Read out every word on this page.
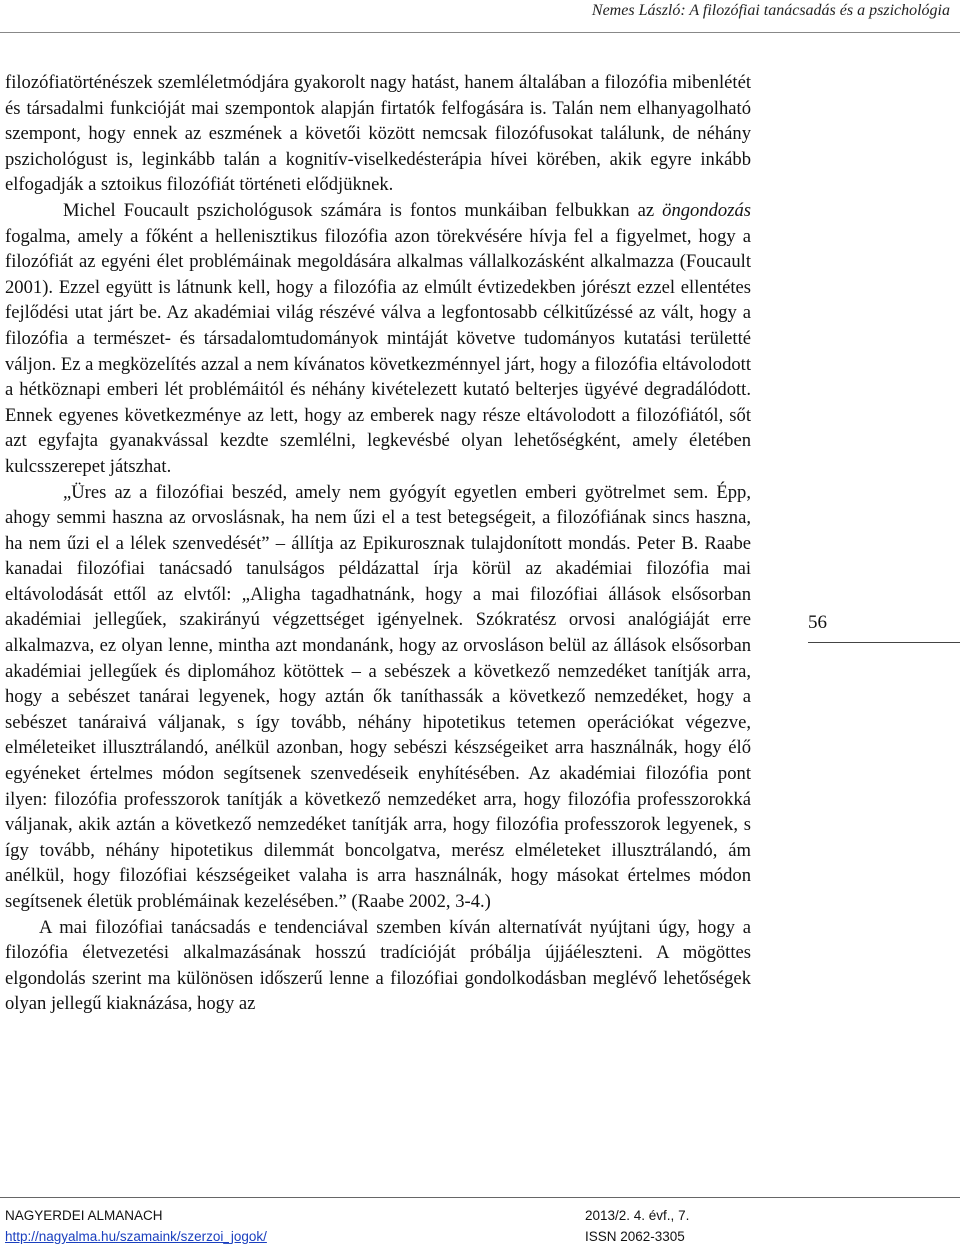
Nemes László: A filozófiai tanácsadás és a pszichológia

filozófiatörténészek szemléletmódjára gyakorolt nagy hatást, hanem általában a filozófia mibenlétét és társadalmi funkcióját mai szempontok alapján firtatók felfogására is. Talán nem elhanyagolható szempont, hogy ennek az eszmének a követői között nemcsak filozófusokat találunk, de néhány pszichológust is, leginkább talán a kognitív-viselkedésterápia hívei körében, akik egyre inkább elfogadják a sztoikus filozófiát történeti elődjüknek.

Michel Foucault pszichológusok számára is fontos munkáiban felbukkan az öngondozás fogalma, amely a főként a hellenisztikus filozófia azon törekvésére hívja fel a figyelmet, hogy a filozófiát az egyéni élet problémáinak megoldására alkalmas vállalkozásként alkalmazza (Foucault 2001). Ezzel együtt is látnunk kell, hogy a filozófia az elmúlt évtizedekben jórészt ezzel ellentétes fejlődési utat járt be. Az akadémiai világ részévé válva a legfontosabb célkitűzéssé az vált, hogy a filozófia a természet- és társadalomtudományok mintáját követve tudományos kutatási területté váljon. Ez a megközelítés azzal a nem kívánatos következménnyel járt, hogy a filozófia eltávolodott a hétköznapi emberi lét problémáitól és néhány kivételezett kutató belterjes ügyévé degradálódott. Ennek egyenes következménye az lett, hogy az emberek nagy része eltávolodott a filozófiától, sőt azt egyfajta gyanakvással kezdte szemlélni, legkevésbé olyan lehetőségként, amely életében kulcsszerepet játszhat.

„Üres az a filozófiai beszéd, amely nem gyógyít egyetlen emberi gyötrelmet sem. Épp, ahogy semmi haszna az orvoslásnak, ha nem űzi el a test betegségeit, a filozófiának sincs haszna, ha nem űzi el a lélek szenvedését” – állítja az Epikurosznak tulajdonított mondás. Peter B. Raabe kanadai filozófiai tanácsadó tanulságos példázattal írja körül az akadémiai filozófia mai eltávolodását ettől az elvtől: „Aligha tagadhatnánk, hogy a mai filozófiai állások elsősorban akadémiai jellegűek, szakirányú végzettséget igényelnek. Szókratész orvosi analógiáját erre alkalmazva, ez olyan lenne, mintha azt mondanánk, hogy az orvosláson belül az állások elsősorban akadémiai jellegűek és diplomához kötöttek – a sebészek a következő nemzedéket tanítják arra, hogy a sebészet tanárai legyenek, hogy aztán ők taníthassák a következő nemzedéket, hogy a sebészet tanáraivá váljanak, s így tovább, néhány hipotetikus tetemen operációkat végezve, elméleteiket illusztrálandó, anélkül azonban, hogy sebészi készségeiket arra használnák, hogy élő egyéneket értelmes módon segítsenek szenvedéseik enyhítésében. Az akadémiai filozófia pont ilyen: filozófia professzorok tanítják a következő nemzedéket arra, hogy filozófia professzorokká váljanak, akik aztán a következő nemzedéket tanítják arra, hogy filozófia professzorok legyenek, s így tovább, néhány hipotetikus dilemmát boncolgatva, merész elméleteket illusztrálandó, ám anélkül, hogy filozófiai készségeiket valaha is arra használnák, hogy másokat értelmes módon segítsenek életük problémáinak kezelésében.” (Raabe 2002, 3-4.)

A mai filozófiai tanácsadás e tendenciával szemben kíván alternatívát nyújtani úgy, hogy a filozófia életvezetési alkalmazásának hosszú tradícióját próbálja újjáéleszteni. A mögöttes elgondolás szerint ma különösen időszerű lenne a filozófiai gondolkodásban meglévő lehetőségek olyan jellegű kiaknázása, hogy az

56
NAGYERDEI ALMANACH	2013/2. 4. évf., 7.
http://nagyalma.hu/szamaink/szerzoi_jogok/	ISSN 2062-3305
